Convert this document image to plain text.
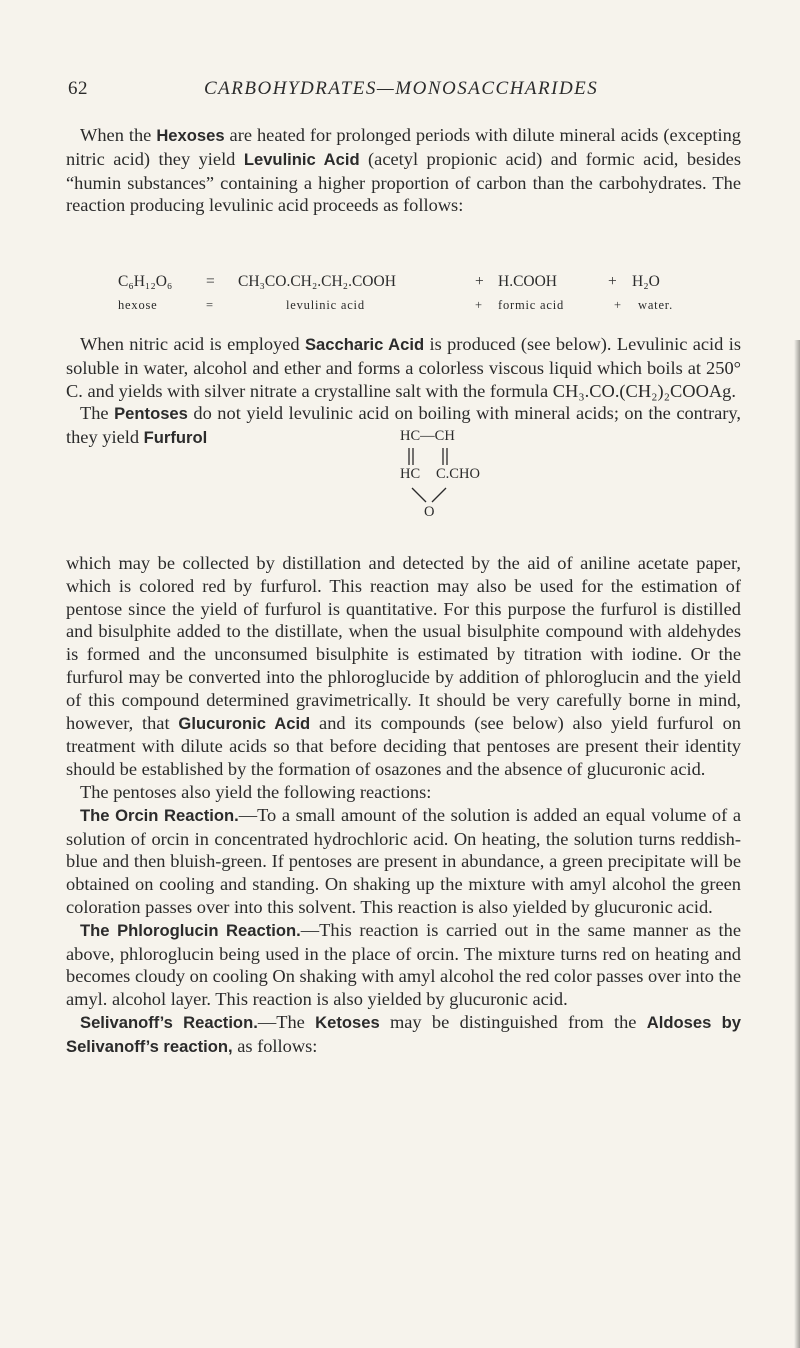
62	CARBOHYDRATES—MONOSACCHARIDES

When the Hexoses are heated for prolonged periods with dilute mineral acids (excepting nitric acid) they yield Levulinic Acid (acetyl propionic acid) and formic acid, besides “humin substances” containing a higher proportion of carbon than the carbohydrates. The reaction producing levulinic acid proceeds as follows:

C₆H₁₂O₆ = CH₃CO.CH₂.CH₂.COOH	+ H.COOH	+ H₂O
hexose	=	levulinic acid	+ formic acid	+ water.

When nitric acid is employed Saccharic Acid is produced (see below). Levulinic acid is soluble in water, alcohol and ether and forms a colorless viscous liquid which boils at 250° C. and yields with silver nitrate a crystalline salt with the formula CH₃.CO.(CH₂)₂COOAg.

The Pentoses do not yield levulinic acid on boiling with mineral acids; on the contrary, they yield Furfurol	HC—CH
HC C.CHO
O

which may be collected by distillation and detected by the aid of aniline acetate paper, which is colored red by furfurol. This reaction may also be used for the estimation of pentose since the yield of furfurol is quantitative. For this purpose the furfurol is distilled and bisulphite added to the distillate, when the usual bisulphite compound with aldehydes is formed and the unconsumed bisulphite is estimated by titration with iodine. Or the furfurol may be converted into the phloroglucide by addition of phloroglucin and the yield of this compound determined gravimetrically. It should be very carefully borne in mind, however, that Glucuronic Acid and its compounds (see below) also yield furfurol on treatment with dilute acids so that before deciding that pentoses are present their identity should be established by the formation of osazones and the absence of glucuronic acid.

The pentoses also yield the following reactions:

The Orcin Reaction.—To a small amount of the solution is added an equal volume of a solution of orcin in concentrated hydrochloric acid. On heating, the solution turns reddish-blue and then bluish-green. If pentoses are present in abundance, a green precipitate will be obtained on cooling and standing. On shaking up the mixture with amyl alcohol the green coloration passes over into this solvent. This reaction is also yielded by glucuronic acid.

The Phloroglucin Reaction.—This reaction is carried out in the same manner as the above, phloroglucin being used in the place of orcin. The mixture turns red on heating and becomes cloudy on cooling On shaking with amyl alcohol the red color passes over into the amyl. alcohol layer. This reaction is also yielded by glucuronic acid.

Selivanoff’s Reaction.—The Ketoses may be distinguished from the Aldoses by Selivanoff’s reaction, as follows:
